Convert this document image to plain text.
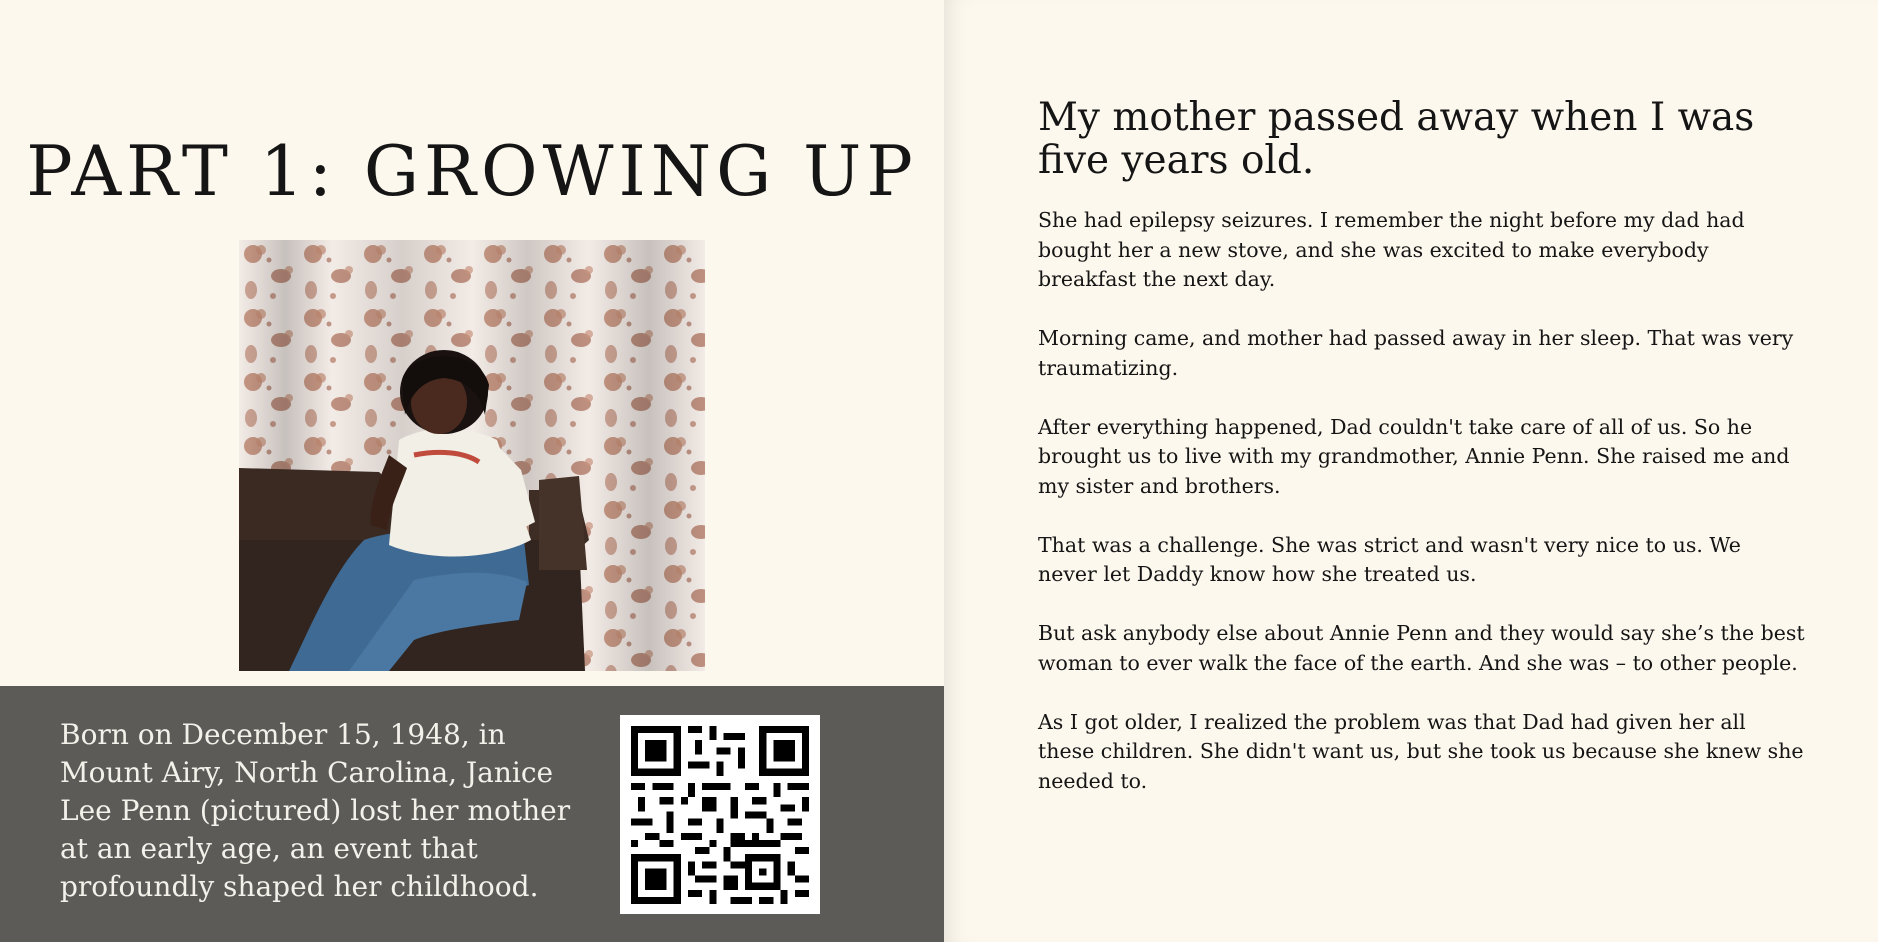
PART 1: GROWING UP

Born on December 15, 1948, in Mount Airy, North Carolina, Janice Lee Penn (pictured) lost her mother at an early age, an event that profoundly shaped her childhood.

My mother passed away when I was five years old.

She had epilepsy seizures. I remember the night before my dad had bought her a new stove, and she was excited to make everybody breakfast the next day.

Morning came, and mother had passed away in her sleep. That was very traumatizing.

After everything happened, Dad couldn't take care of all of us. So he brought us to live with my grandmother, Annie Penn. She raised me and my sister and brothers.

That was a challenge. She was strict and wasn't very nice to us. We never let Daddy know how she treated us.

But ask anybody else about Annie Penn and they would say she’s the best woman to ever walk the face of the earth. And she was – to other people.

As I got older, I realized the problem was that Dad had given her all these children. She didn't want us, but she took us because she knew she needed to.
